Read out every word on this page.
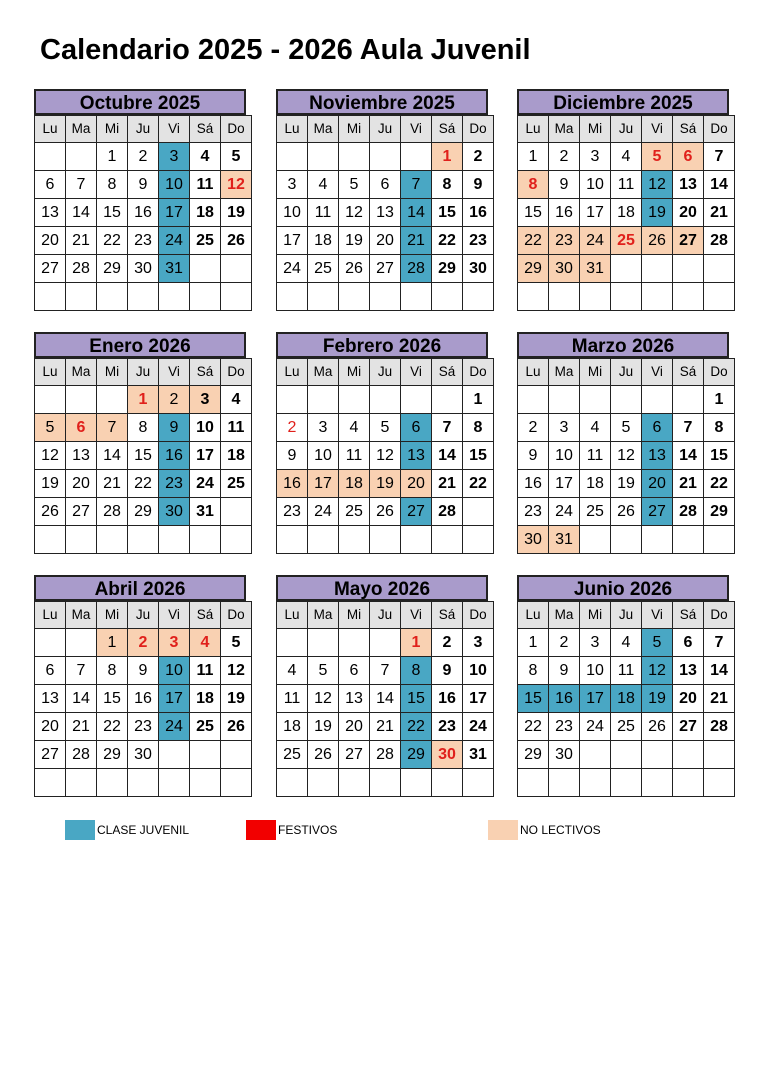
Calendario 2025 - 2026 Aula Juvenil
Octubre 2025
Lu	Ma	Mi	Ju	Vi	Sá	Do
		1	2	3	4	5
6	7	8	9	10	11	12
13	14	15	16	17	18	19
20	21	22	23	24	25	26
27	28	29	30	31		

Noviembre 2025
Lu	Ma	Mi	Ju	Vi	Sá	Do
					1	2
3	4	5	6	7	8	9
10	11	12	13	14	15	16
17	18	19	20	21	22	23
24	25	26	27	28	29	30

Diciembre 2025
Lu	Ma	Mi	Ju	Vi	Sá	Do
1	2	3	4	5	6	7
8	9	10	11	12	13	14
15	16	17	18	19	20	21
22	23	24	25	26	27	28
29	30	31				

Enero 2026
Lu	Ma	Mi	Ju	Vi	Sá	Do
			1	2	3	4
5	6	7	8	9	10	11
12	13	14	15	16	17	18
19	20	21	22	23	24	25
26	27	28	29	30	31	

Febrero 2026
Lu	Ma	Mi	Ju	Vi	Sá	Do
						1
2	3	4	5	6	7	8
9	10	11	12	13	14	15
16	17	18	19	20	21	22
23	24	25	26	27	28	

Marzo 2026
Lu	Ma	Mi	Ju	Vi	Sá	Do
						1
2	3	4	5	6	7	8
9	10	11	12	13	14	15
16	17	18	19	20	21	22
23	24	25	26	27	28	29
30	31					
Abril 2026
Lu	Ma	Mi	Ju	Vi	Sá	Do
		1	2	3	4	5
6	7	8	9	10	11	12
13	14	15	16	17	18	19
20	21	22	23	24	25	26
27	28	29	30			

Mayo 2026
Lu	Ma	Mi	Ju	Vi	Sá	Do
				1	2	3
4	5	6	7	8	9	10
11	12	13	14	15	16	17
18	19	20	21	22	23	24
25	26	27	28	29	30	31

Junio 2026
Lu	Ma	Mi	Ju	Vi	Sá	Do
1	2	3	4	5	6	7
8	9	10	11	12	13	14
15	16	17	18	19	20	21
22	23	24	25	26	27	28
29	30					

CLASE JUVENIL	FESTIVOS	NO LECTIVOS
